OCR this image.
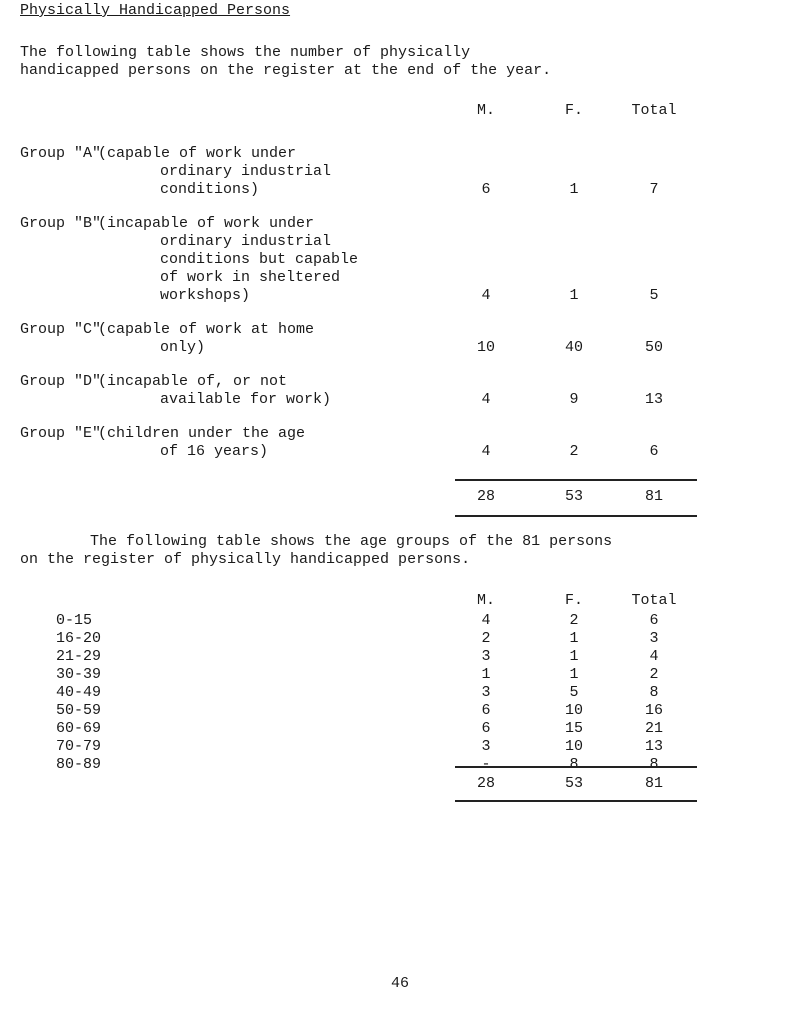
Physically Handicapped Persons
The following table shows the number of physically
handicapped persons on the register at the end of the year.
M.	F.	Total
Group "A"
(capable of work under
ordinary industrial
conditions)	6	1	7
Group "B"
(incapable of work under
ordinary industrial
conditions but capable
of work in sheltered
workshops)	4	1	5
Group "C"
(capable of work at home
only)	10	40	50
Group "D"
(incapable of, or not
available for work)	4	9	13
Group "E"
(children under the age
of 16 years)	4	2	6
28	53	81
The following table shows the age groups of the 81 persons
on the register of physically handicapped persons.
M.	F.	Total
0-15	4	2	6
16-20	2	1	3
21-29	3	1	4
30-39	1	1	2
40-49	3	5	8
50-59	6	10	16
60-69	6	15	21
70-79	3	10	13
80-89	-	8	8
28	53	81
46
